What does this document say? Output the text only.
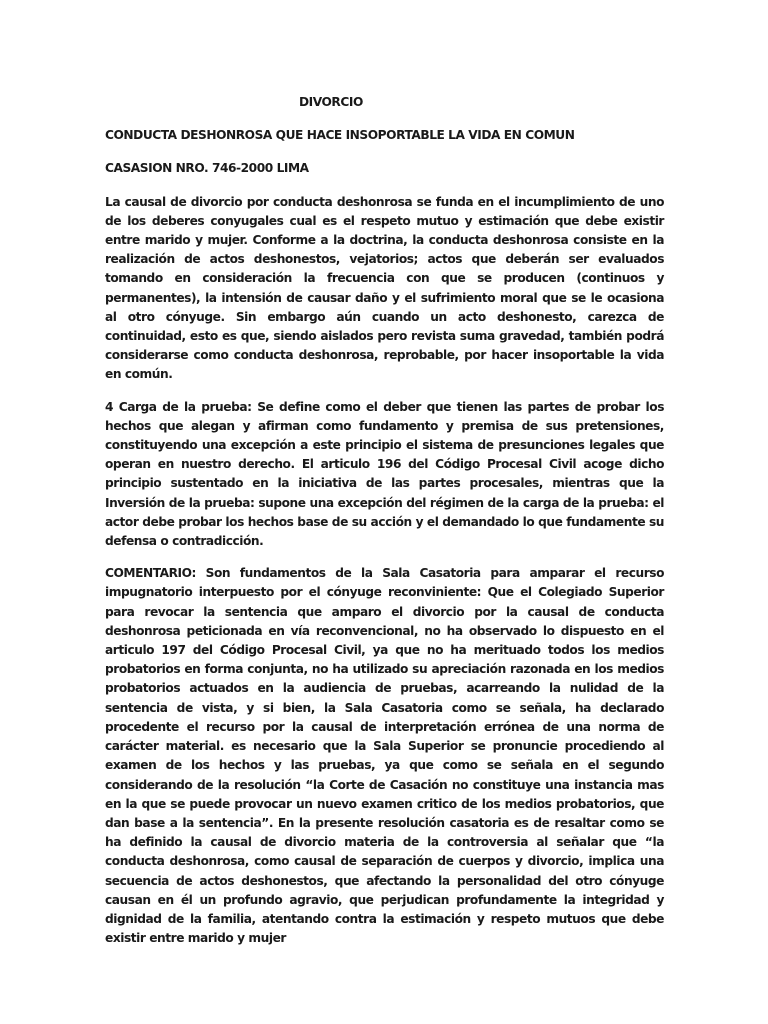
DIVORCIO
CONDUCTA DESHONROSA QUE HACE INSOPORTABLE LA VIDA EN COMUN
CASASION NRO. 746-2000 LIMA

La causal de divorcio por conducta deshonrosa se funda en el incumplimiento de uno de los deberes conyugales cual es el respeto mutuo y estimación que debe existir entre marido y mujer. Conforme a la doctrina, la conducta deshonrosa consiste en la realización de actos deshonestos, vejatorios; actos que deberán ser evaluados tomando en consideración la frecuencia con que se producen (continuos y permanentes), la intensión de causar daño y el sufrimiento moral que se le ocasiona al otro cónyuge. Sin embargo aún cuando un acto deshonesto, carezca de continuidad, esto es que, siendo aislados pero revista suma gravedad, también podrá considerarse como conducta deshonrosa, reprobable, por hacer insoportable la vida en común.

4 Carga de la prueba: Se define como el deber que tienen las partes de probar los hechos que alegan y afirman como fundamento y premisa de sus pretensiones, constituyendo una excepción a este principio el sistema de presunciones legales que operan en nuestro derecho. El articulo 196 del Código Procesal Civil acoge dicho principio sustentado en la iniciativa de las partes procesales, mientras que la Inversión de la prueba: supone una excepción del régimen de la carga de la prueba: el actor debe probar los hechos base de su acción y el demandado lo que fundamente su defensa o contradicción.

COMENTARIO: Son fundamentos de la Sala Casatoria para amparar el recurso impugnatorio interpuesto por el cónyuge reconviniente: Que el Colegiado Superior para revocar la sentencia que amparo el divorcio por la causal de conducta deshonrosa peticionada en vía reconvencional, no ha observado lo dispuesto en el articulo 197 del Código Procesal Civil, ya que no ha merituado todos los medios probatorios en forma conjunta, no ha utilizado su apreciación razonada en los medios probatorios actuados en la audiencia de pruebas, acarreando la nulidad de la sentencia de vista, y si bien, la Sala Casatoria como se señala, ha declarado procedente el recurso por la causal de interpretación errónea de una norma de carácter material. es necesario que la Sala Superior se pronuncie procediendo al examen de los hechos y las pruebas, ya que como se señala en el segundo considerando de la resolución “la Corte de Casación no constituye una instancia mas en la que se puede provocar un nuevo examen critico de los medios probatorios, que dan base a la sentencia”. En la presente resolución casatoria es de resaltar como se ha definido la causal de divorcio materia de la controversia al señalar que “la conducta deshonrosa, como causal de separación de cuerpos y divorcio, implica una secuencia de actos deshonestos, que afectando la personalidad del otro cónyuge causan en él un profundo agravio, que perjudican profundamente la integridad y dignidad de la familia, atentando contra la estimación y respeto mutuos que debe existir entre marido y mujer
